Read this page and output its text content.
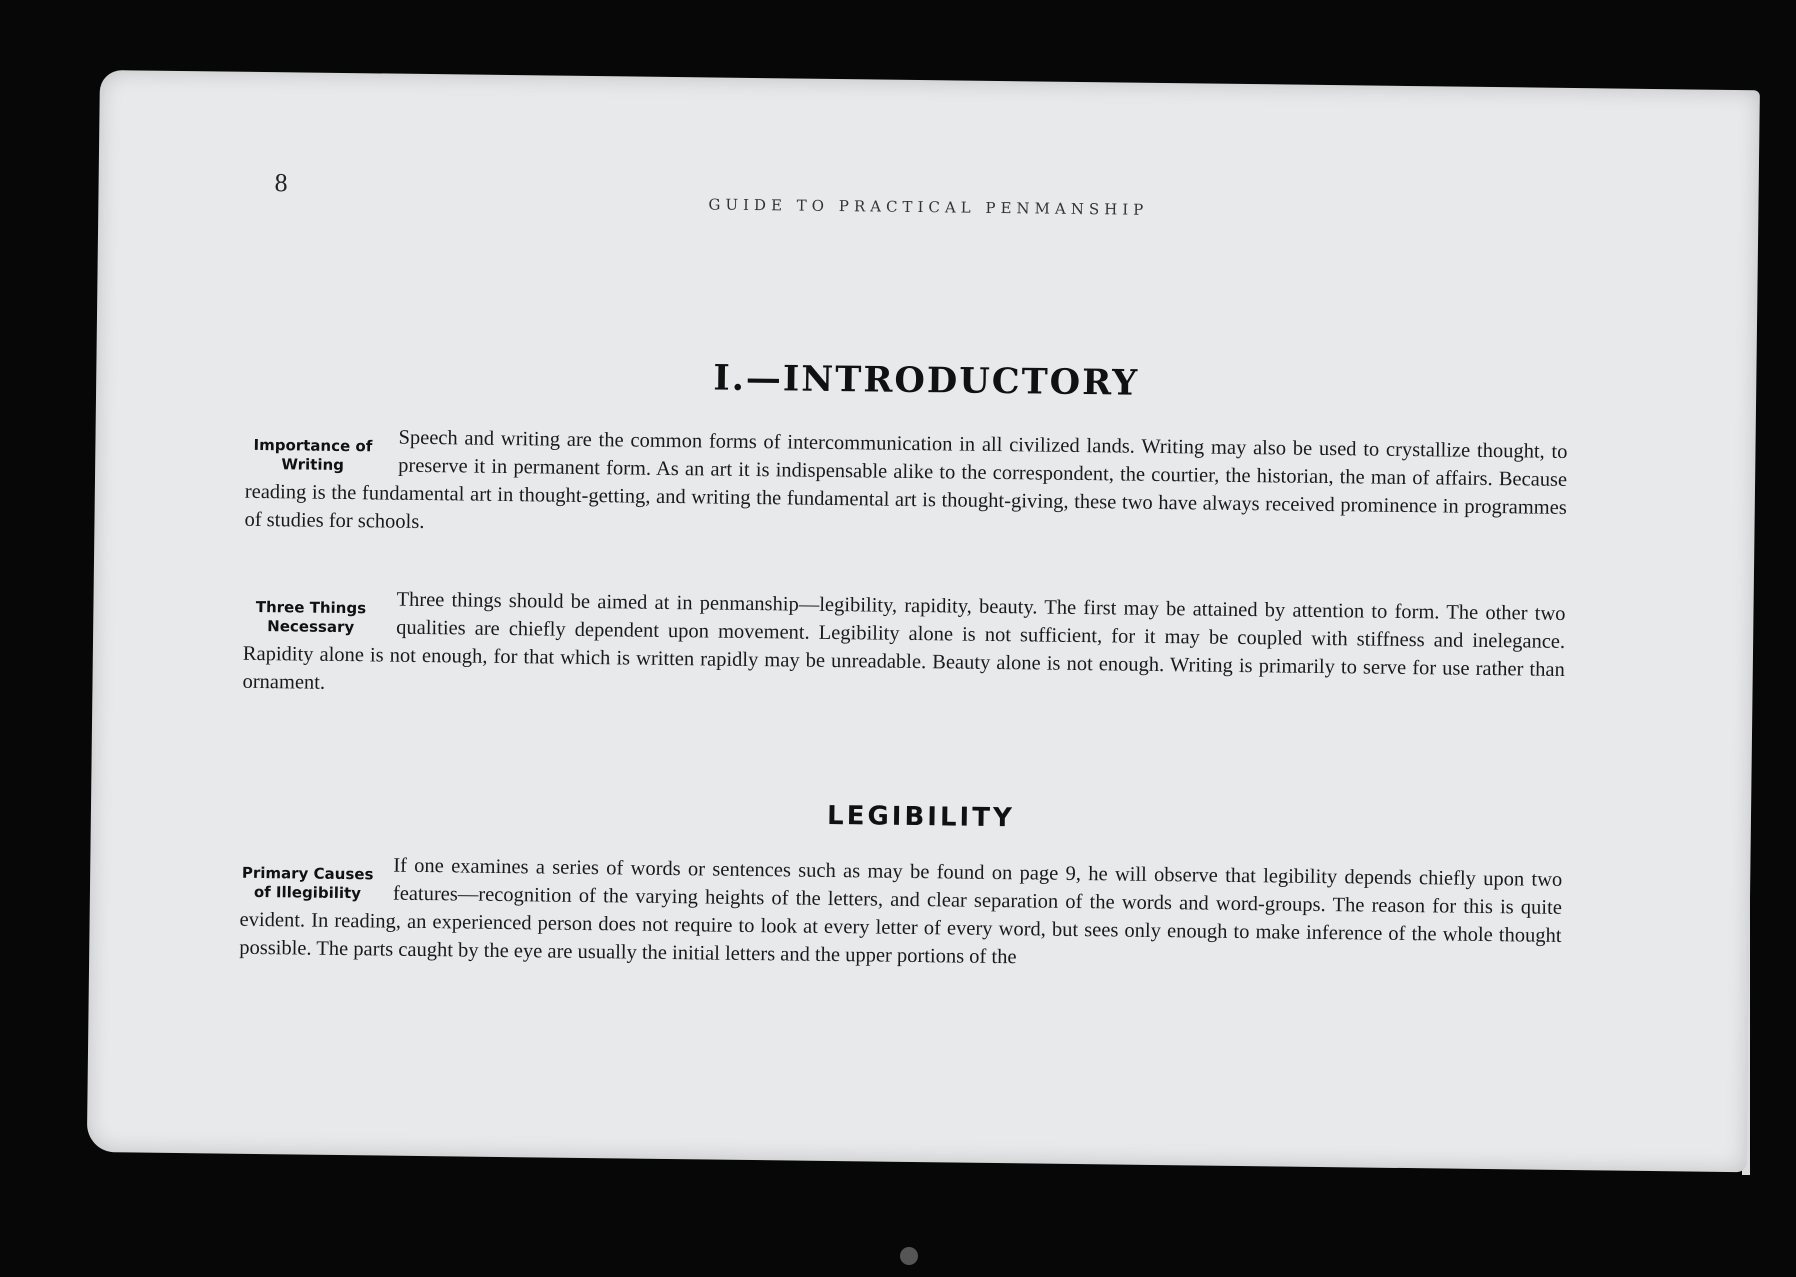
8
GUIDE TO PRACTICAL PENMANSHIP
I.—INTRODUCTORY
Importance of
Writing
Speech and writing are the common forms of intercommunication in all civilized lands. Writing may also be used to crystallize thought, to preserve it in permanent form. As an art it is indispensable alike to the correspondent, the courtier, the historian, the man of affairs. Because reading is the fundamental art in thought-getting, and writing the fundamental art is thought-giving, these two have always received prominence in programmes of studies for schools.
Three Things
Necessary
Three things should be aimed at in penmanship—legibility, rapidity, beauty. The first may be attained by attention to form. The other two qualities are chiefly dependent upon movement. Legibility alone is not sufficient, for it may be coupled with stiffness and inelegance. Rapidity alone is not enough, for that which is written rapidly may be unreadable. Beauty alone is not enough. Writing is primarily to serve for use rather than ornament.
LEGIBILITY
Primary Causes
of Illegibility
If one examines a series of words or sentences such as may be found on page 9, he will observe that legibility depends chiefly upon two features—recognition of the varying heights of the letters, and clear separation of the words and word-groups. The reason for this is quite evident. In reading, an experienced person does not require to look at every letter of every word, but sees only enough to make inference of the whole thought possible. The parts caught by the eye are usually the initial letters and the upper portions of the
